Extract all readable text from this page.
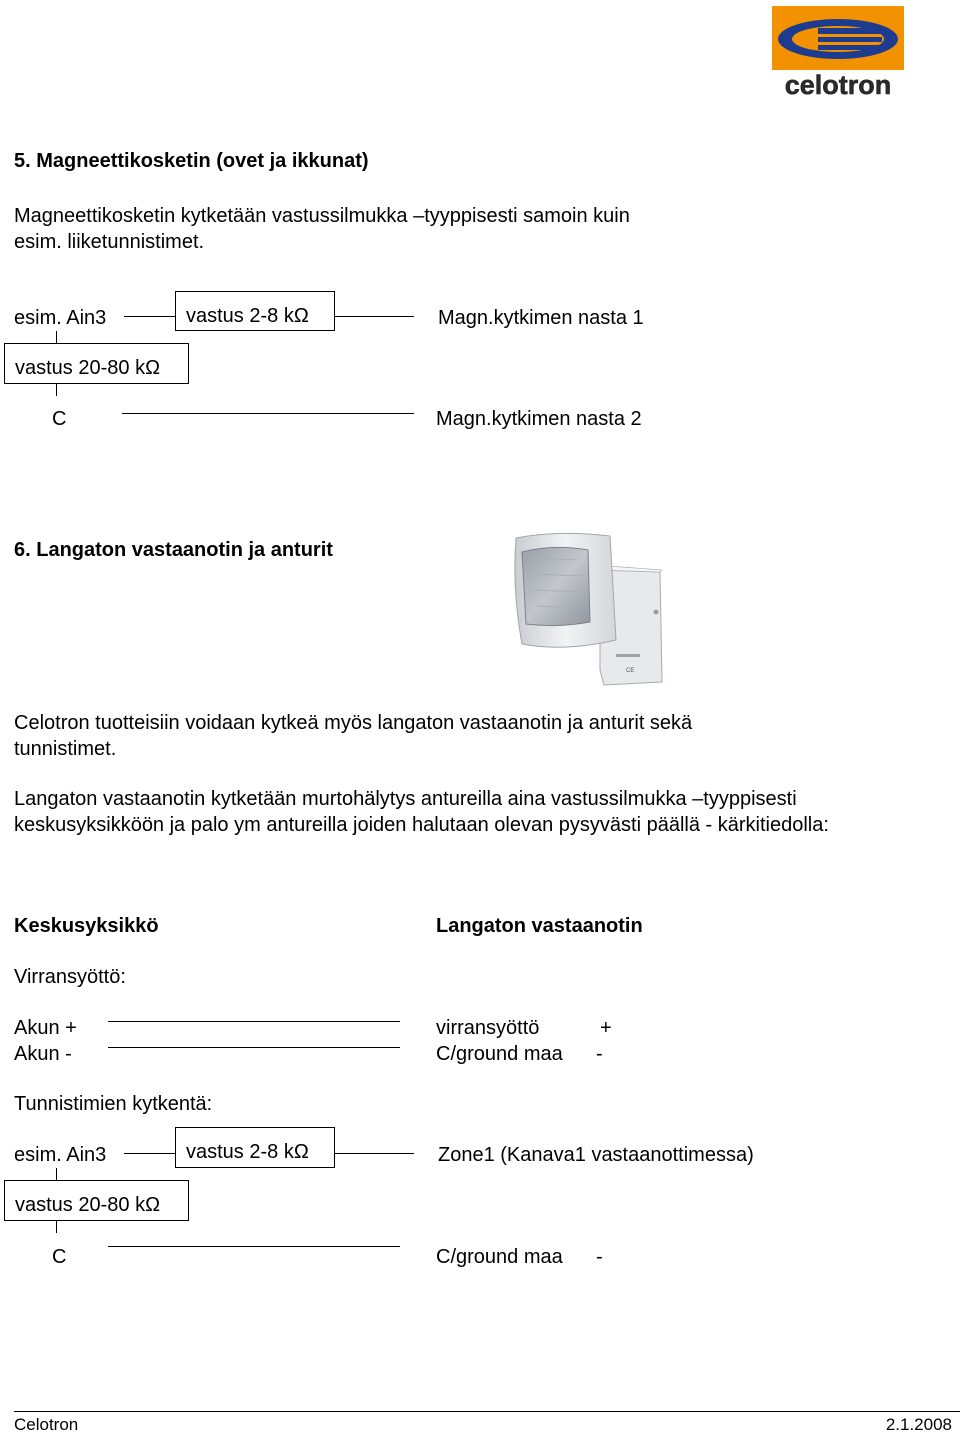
celotron
5. Magneettikosketin (ovet ja ikkunat)
Magneettikosketin kytketään vastussilmukka –tyyppisesti samoin kuin
esim. liiketunnistimet.
esim. Ain3	vastus 2-8 kΩ	Magn.kytkimen nasta 1
vastus 20-80 kΩ
C	Magn.kytkimen nasta 2
6. Langaton vastaanotin ja anturit
CE
Celotron tuotteisiin voidaan kytkeä myös langaton vastaanotin ja anturit sekä
tunnistimet.
Langaton vastaanotin kytketään murtohälytys antureilla aina vastussilmukka –tyyppisesti
keskusyksikköön ja palo ym antureilla joiden halutaan olevan pysyvästi päällä - kärkitiedolla:
Keskusyksikkö	Langaton vastaanotin
Virransyöttö:
Akun +	virransyöttö	+
Akun -	C/ground maa -
Tunnistimien kytkentä:
esim. Ain3	vastus 2-8 kΩ	Zone1 (Kanava1 vastaanottimessa)
vastus 20-80 kΩ
C	C/ground maa -
Celotron	2.1.2008
